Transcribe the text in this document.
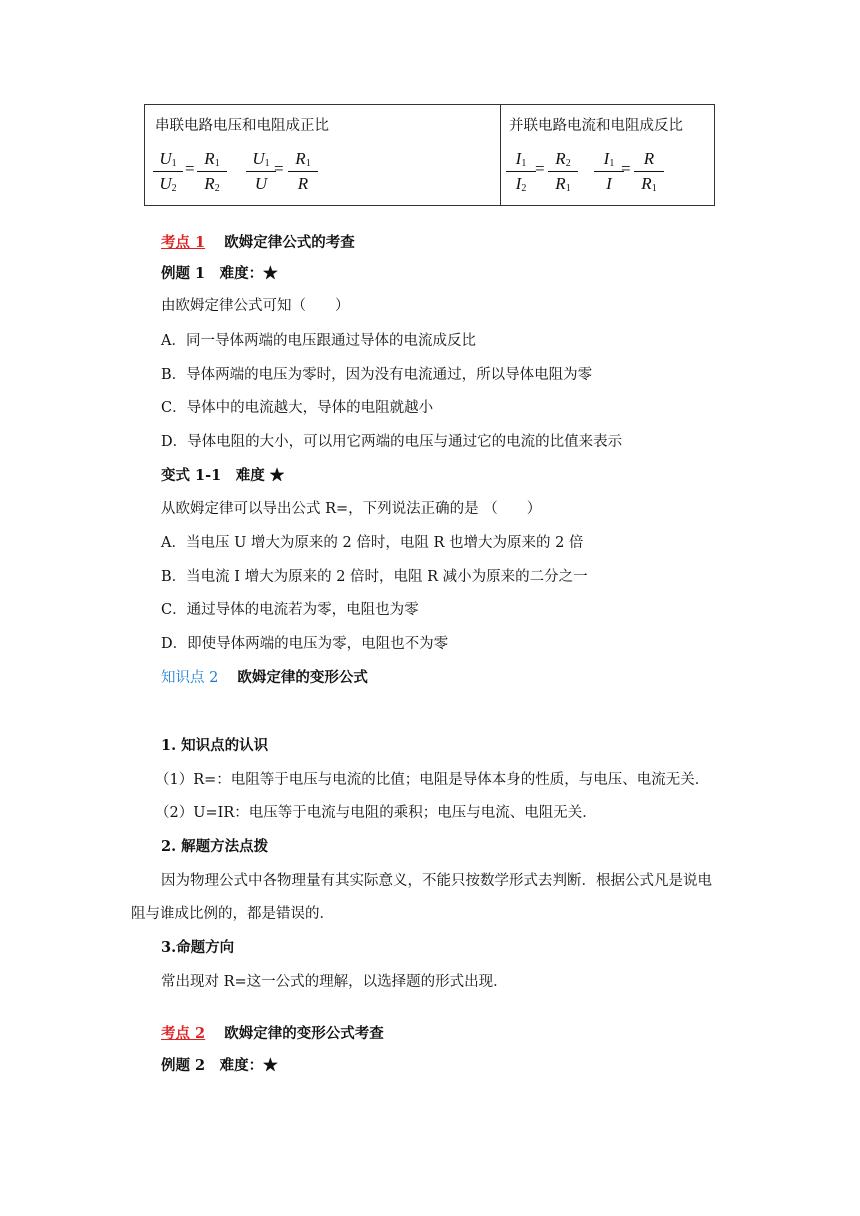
串联电路电压和电阻成正比	并联电路电流和电阻成反比
$U_1$
$U_2$
=
$R_1$
$R_2$
$U_1$
U
=
$R_1$
R
$I_1$
$I_2$
=
$R_2$
$R_1$
$I_1$
I
=
R
$R_1$
考点 1 欧姆定律公式的考查
例题 1　难度：★
由欧姆定律公式可知（　　）
A．同一导体两端的电压跟通过导体的电流成反比
B．导体两端的电压为零时，因为没有电流通过，所以导体电阻为零
C．导体中的电流越大，导体的电阻就越小
D．导体电阻的大小，可以用它两端的电压与通过它的电流的比值来表示
变式 1-1　难度 ★
从欧姆定律可以导出公式 R=，下列说法正确的是 （　　）
A．当电压 U 增大为原来的 2 倍时，电阻 R 也增大为原来的 2 倍
B．当电流 I 增大为原来的 2 倍时，电阻 R 减小为原来的二分之一
C．通过导体的电流若为零，电阻也为零
D．即使导体两端的电压为零，电阻也不为零
知识点 2 欧姆定律的变形公式
1. 知识点的认识
（1）R=：电阻等于电压与电流的比值；电阻是导体本身的性质，与电压、电流无关．
（2）U=IR：电压等于电流与电阻的乘积；电压与电流、电阻无关．
2. 解题方法点拨
因为物理公式中各物理量有其实际意义，不能只按数学形式去判断．根据公式凡是说电
阻与谁成比例的，都是错误的．
3.命题方向
常出现对 R=这一公式的理解，以选择题的形式出现．
考点 2 欧姆定律的变形公式考查
例题 2　难度：★
